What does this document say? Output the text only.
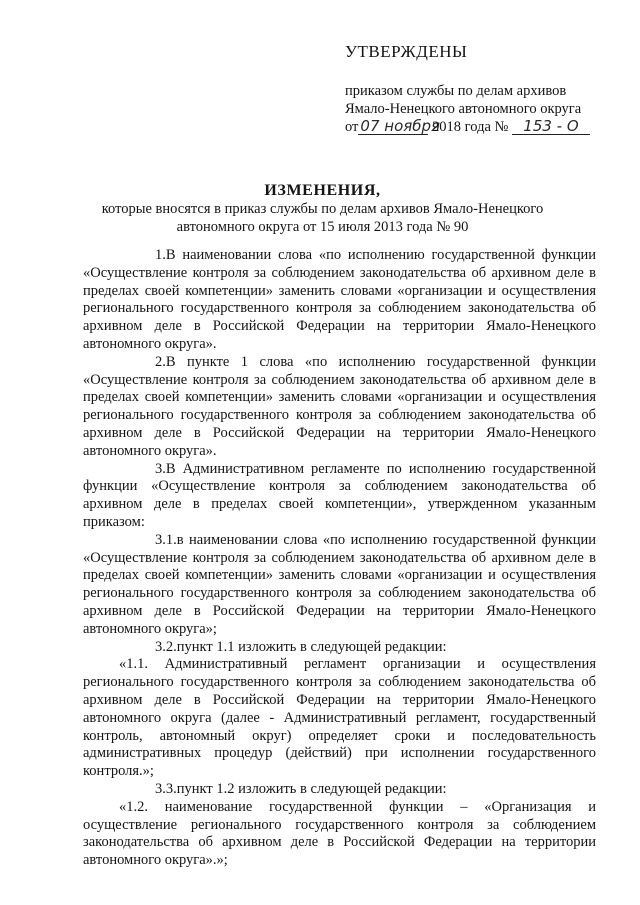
УТВЕРЖДЕНЫ
приказом службы по делам архивов
Ямало-Ненецкого автономного округа
от 07 ноября 2018 года № 153 - О
ИЗМЕНЕНИЯ,
которые вносятся в приказ службы по делам архивов Ямало-Ненецкого автономного округа от 15 июля 2013 года № 90

1.В наименовании слова «по исполнению государственной функции «Осуществление контроля за соблюдением законодательства об архивном деле в пределах своей компетенции» заменить словами «организации и осуществления регионального государственного контроля за соблюдением законодательства об архивном деле в Российской Федерации на территории Ямало-Ненецкого автономного округа».

2.В пункте 1 слова «по исполнению государственной функции «Осуществление контроля за соблюдением законодательства об архивном деле в пределах своей компетенции» заменить словами «организации и осуществления регионального государственного контроля за соблюдением законодательства об архивном деле в Российской Федерации на территории Ямало-Ненецкого автономного округа».

3.В Административном регламенте по исполнению государственной функции «Осуществление контроля за соблюдением законодательства об архивном деле в пределах своей компетенции», утвержденном указанным приказом:

3.1.в наименовании слова «по исполнению государственной функции «Осуществление контроля за соблюдением законодательства об архивном деле в пределах своей компетенции» заменить словами «организации и осуществления регионального государственного контроля за соблюдением законодательства об архивном деле в Российской Федерации на территории Ямало-Ненецкого автономного округа»;

3.2.пункт 1.1 изложить в следующей редакции:

«1.1. Административный регламент организации и осуществления регионального государственного контроля за соблюдением законодательства об архивном деле в Российской Федерации на территории Ямало-Ненецкого автономного округа (далее - Административный регламент, государственный контроль, автономный округ) определяет сроки и последовательность административных процедур (действий) при исполнении государственного контроля.»;

3.3.пункт 1.2 изложить в следующей редакции:

«1.2. наименование государственной функции – «Организация и осуществление регионального государственного контроля за соблюдением законодательства об архивном деле в Российской Федерации на территории автономного округа».»;
